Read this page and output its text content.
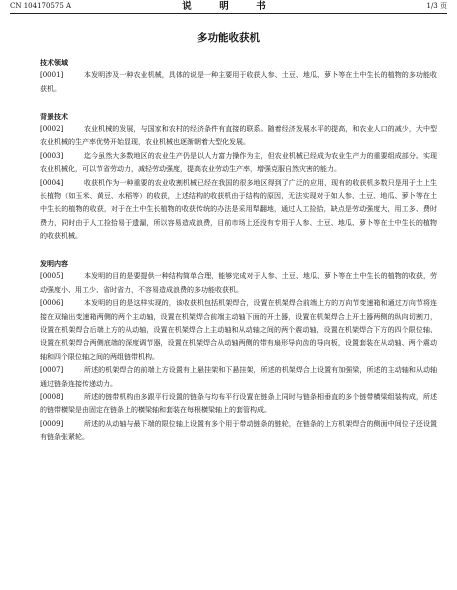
CN 104170575 A	说　明　书	1/3 页
多功能收获机
技术领域

[0001]	本发明涉及一种农业机械，具体的说是一种主要用于收获人参、土豆、地瓜、萝卜等在土中生长的植物的多功能收获机。

背景技术

[0002]	农业机械的发展，与国家和农村的经济条件有直接的联系。随着经济发展水平的提高，和农业人口的减少，大中型农业机械的生产率优势开始显现，农业机械也逐渐朝着大型化发展。

[0003]	迄今虽然大多数地区的农业生产仍是以人力富力操作为主，但农业机械已经成为农业生产力的重要组成部分。实现农业机械化，可以节省劳动力，减轻劳动强度，提高农业劳动生产率，增强克服自然灾害的能力。

[0004]	收获机作为一种重要的农业收割机械已经在我国的很多地区得到了广泛的应用，现有的收获机多数只是用于土上生长植物（如玉米、黄豆、水稻等）的收获，上述结构的收获机由于结构的原因，无法实现对于如人参、土豆、地瓜、萝卜等在土中生长的植物的收获，对于在土中生长植物的收获传统的办法是采用犁翻地，通过人工捡拾，缺点是劳动强度大，用工多、费时费力，同时由于人工捡拾易于遗漏，所以容易造成浪费，目前市场上还没有专用于人参、土豆、地瓜、萝卜等在土中生长的植物的收获机械。

发明内容

[0005]	本发明的目的是要提供一种结构简单合理，能够完成对于人参、土豆、地瓜、萝卜等在土中生长的植物的收获，劳动强度小、用工少、省时省力，不容易造成浪费的多功能收获机。

[0006]	本发明的目的是这样实现的，该收获机包括机架焊合，设置在机架焊合前端上方的万向节变速箱和通过万向节将连接在双输出变速箱两侧的两个主动轴，设置在机架焊合前端主动轴下面的开土器，设置在机架焊合上开土器两侧的纵向切割刀，设置在机架焊合后端上方的从动轴，设置在机架焊合上主动轴和从动轴之间的两个震动轴，设置在机架焊合下方的四个限位轴、设置在机架焊合两侧底端的深度调节器，设置在机架焊合从动轴两侧的带有扇形导向齿的导向板，设置套装在从动轴、两个震动轴和四个限位轴之间的两组链带机构。

[0007]	所述的机架焊合的前端上方设置有上悬挂架和下悬挂架，所述的机架焊合上设置有加强梁，所述的主动轴和从动轴通过链条连接传递动力。

[0008]	所述的链带机构由多跟平行设置的链条与均布平行设置在链条上同时与链条相垂直的多个链带横梁组装构成，所述的链带横梁是由固定在链条上的横梁轴和套装在每根横梁轴上的套管构成。

[0009]	所述的从动轴与最下端的限位轴上设置有多个用于带动链条的链轮，在链条的上方机架焊合的侧面中间位子还设置有链条张紧轮。
